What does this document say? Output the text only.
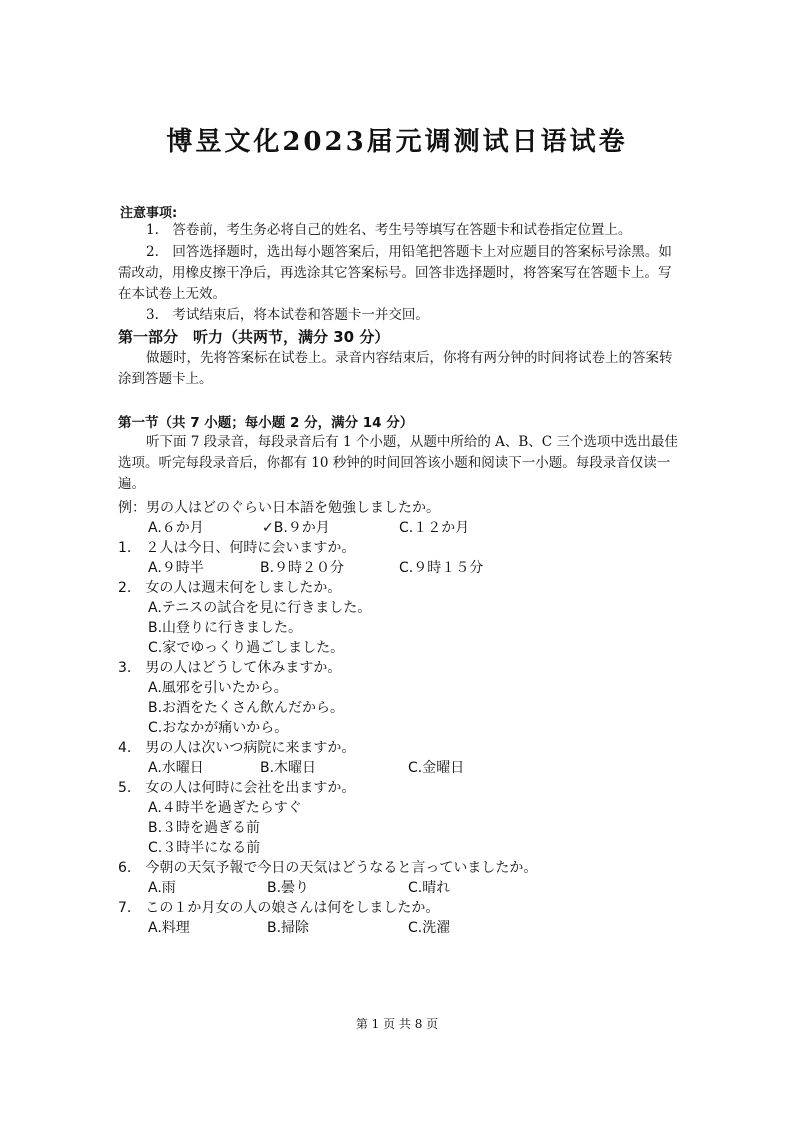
博昱文化2023届元调测试日语试卷
注意事项:
1.　答卷前，考生务必将自己的姓名、考生号等填写在答题卡和试卷指定位置上。
2.　回答选择题时，选出每小题答案后，用铅笔把答题卡上对应题目的答案标号涂黑。如需改动，用橡皮擦干净后，再选涂其它答案标号。回答非选择题时，将答案写在答题卡上。写在本试卷上无效。
3.　考试结束后，将本试卷和答题卡一并交回。
第一部分　听力（共两节，满分 30 分）
做题时，先将答案标在试卷上。录音内容结束后，你将有两分钟的时间将试卷上的答案转涂到答题卡上。
第一节（共 7 小题；每小题 2 分，满分 14 分）
听下面 7 段录音，每段录音后有 1 个小题，从题中所给的 A、B、C 三个选项中选出最佳选项。听完每段录音后，你都有 10 秒钟的时间回答该小题和阅读下一小题。每段录音仅读一遍。
例：男の人はどのぐらい日本語を勉強しましたか。
A.６か月	✓B.９か月	C.１２か月
1.　２人は今日、何時に会いますか。
A.９時半	B.９時２０分	C.９時１５分
2.　女の人は週末何をしましたか。
A.テニスの試合を見に行きました。
B.山登りに行きました。
C.家でゆっくり過ごしました。
3.　男の人はどうして休みますか。
A.風邪を引いたから。
B.お酒をたくさん飲んだから。
C.おなかが痛いから。
4.　男の人は次いつ病院に来ますか。
A.水曜日	B.木曜日	C.金曜日
5.　女の人は何時に会社を出ますか。
A.４時半を過ぎたらすぐ
B.３時を過ぎる前
C.３時半になる前
6.　今朝の天気予報で今日の天気はどうなると言っていましたか。
A.雨	B.曇り	C.晴れ
7.　この１か月女の人の娘さんは何をしましたか。
A.料理	B.掃除	C.洗濯
第 1 页 共 8 页
